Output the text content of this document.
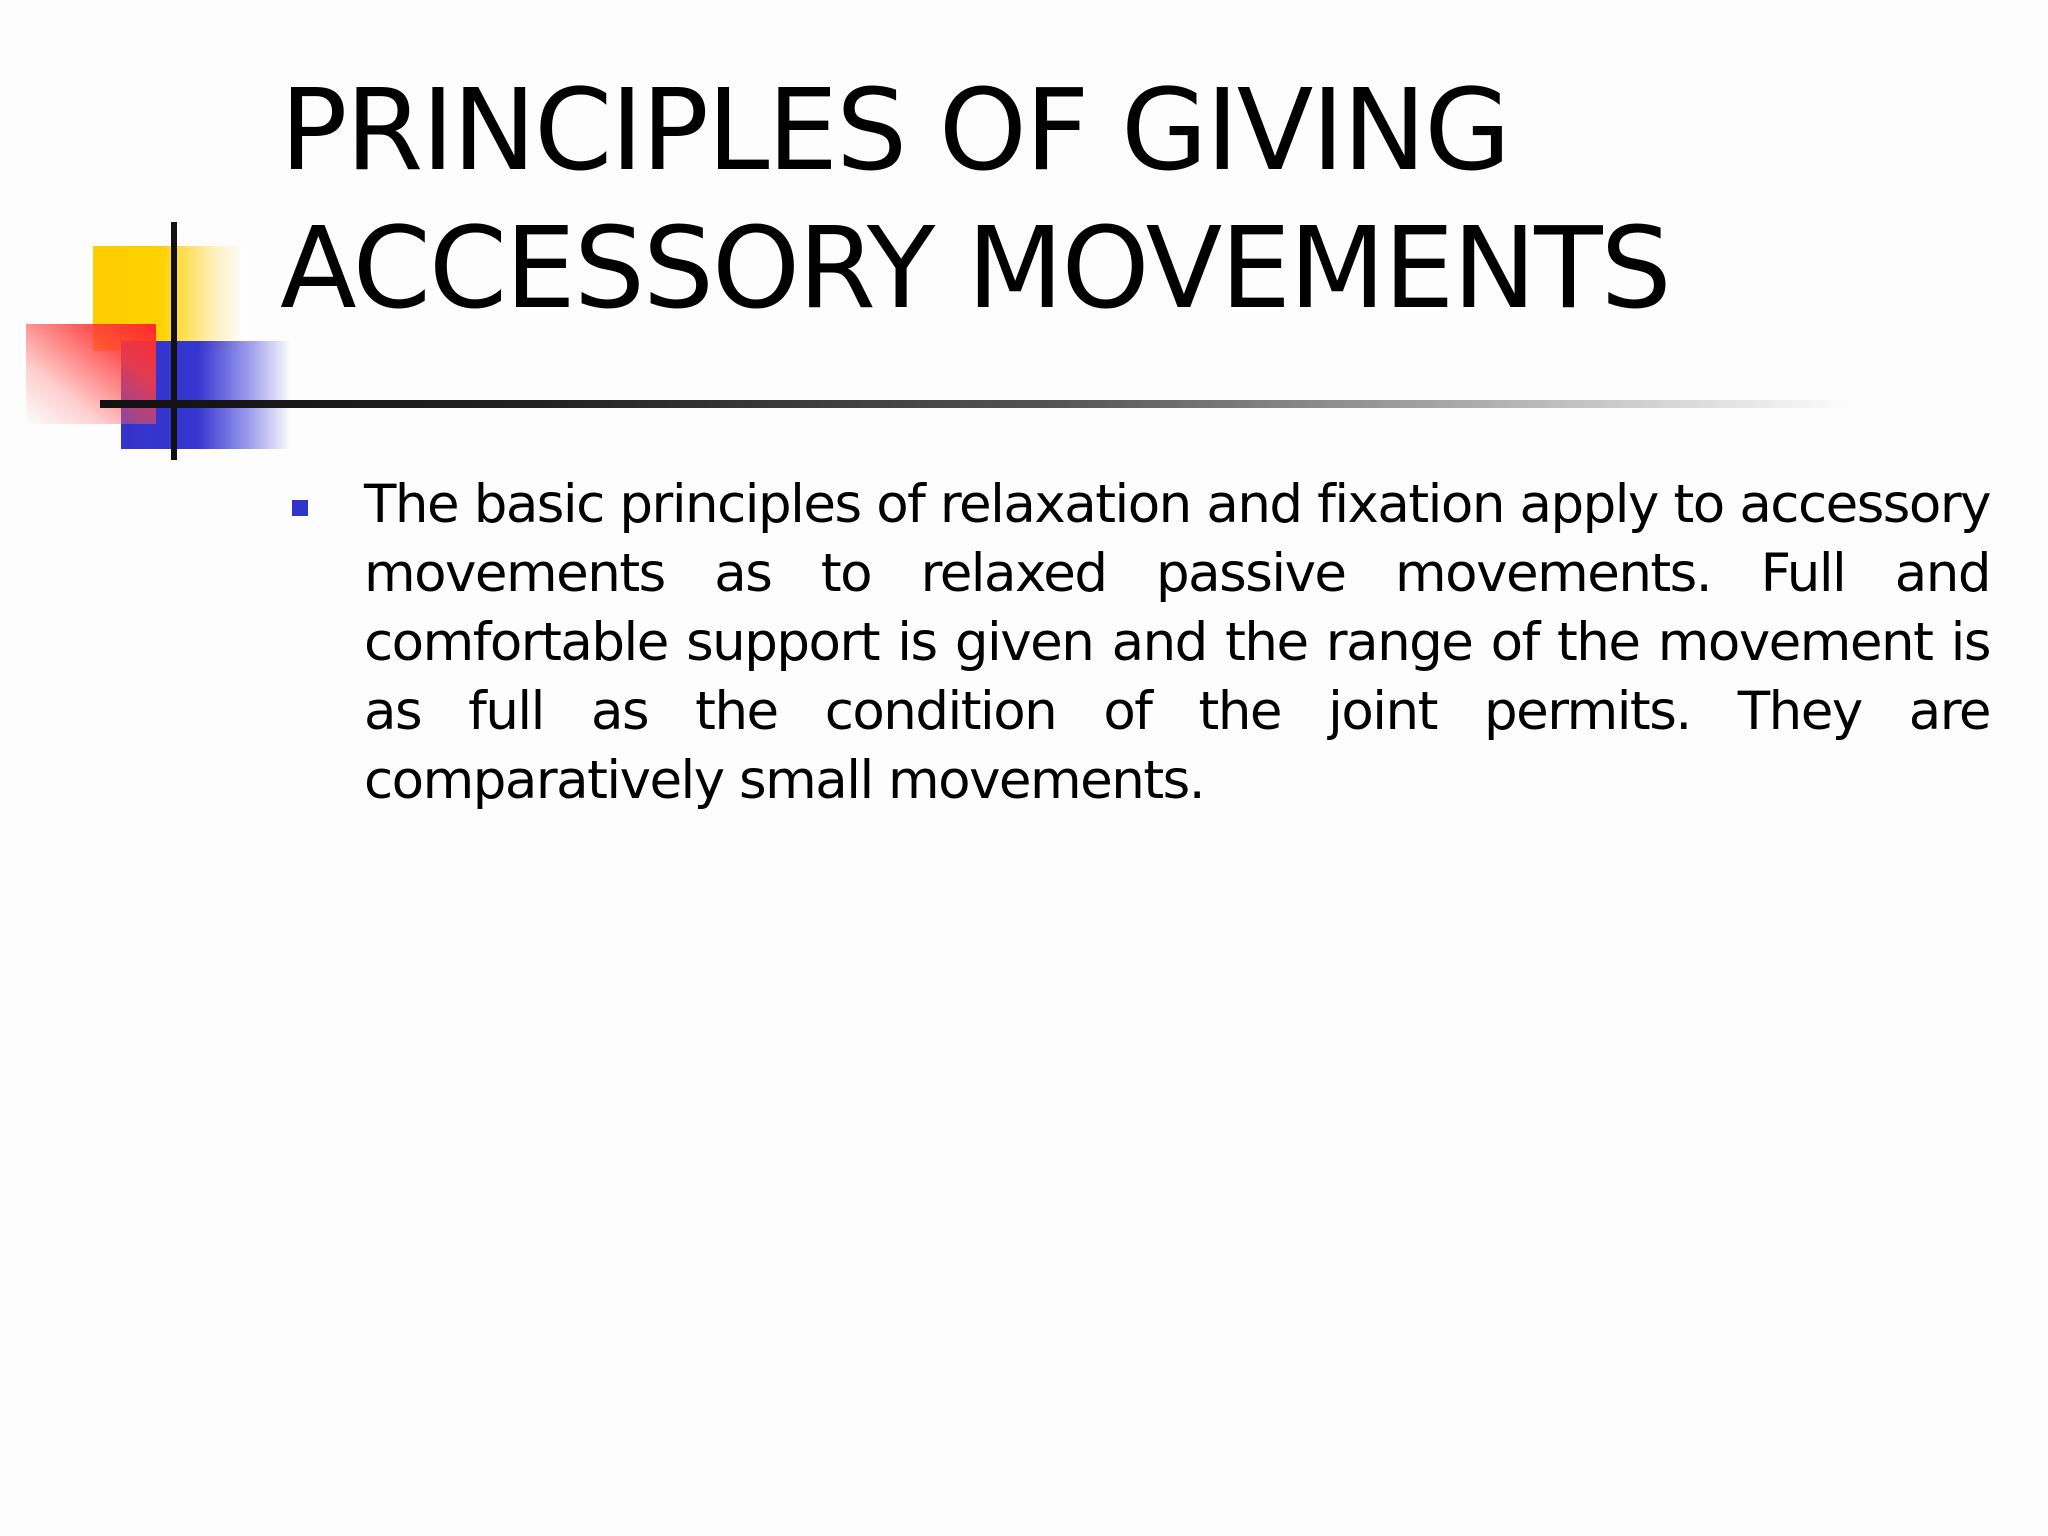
PRINCIPLES OF GIVING
ACCESSORY MOVEMENTS

The basic principles of relaxation and fixation apply to accessory movements as to relaxed passive movements. Full and comfortable support is given and the range of the movement is as full as the condition of the joint permits. They are comparatively small movements.
